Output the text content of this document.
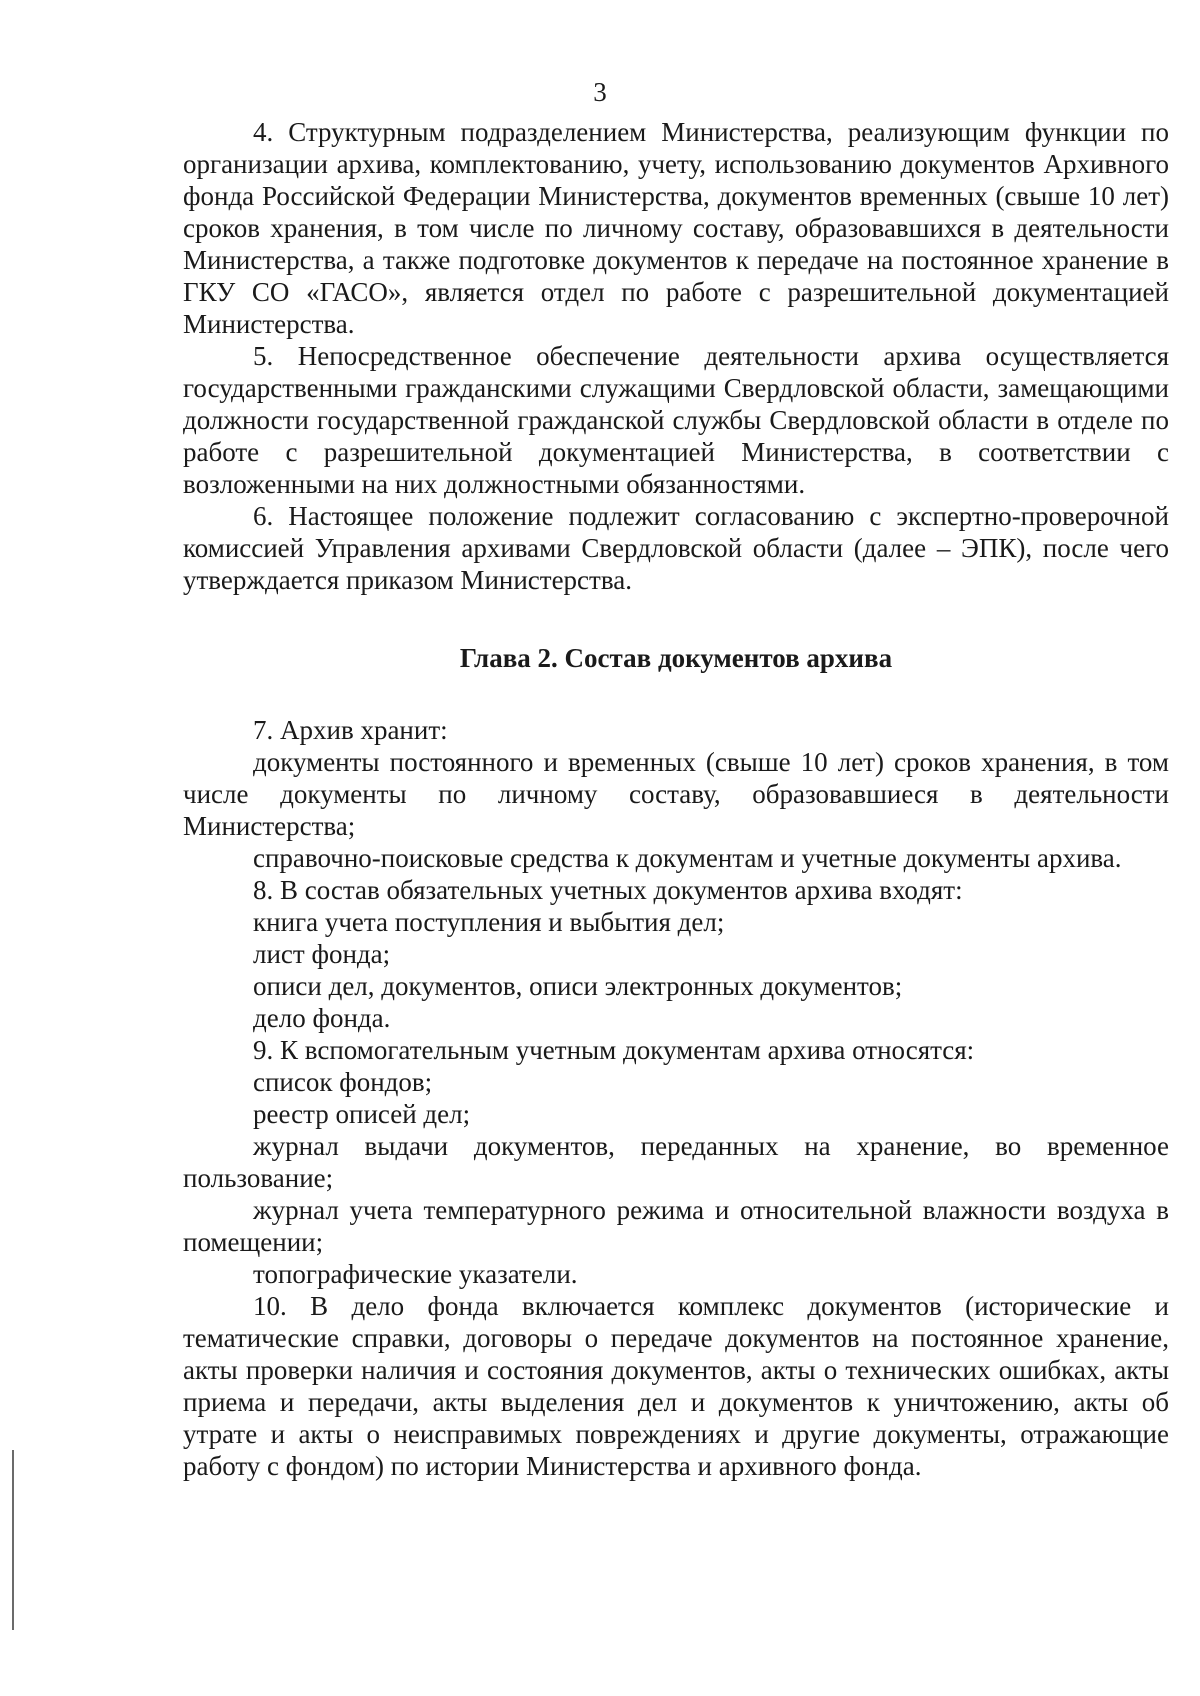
3

4. Структурным подразделением Министерства, реализующим функции по организации архива, комплектованию, учету, использованию документов Архивного фонда Российской Федерации Министерства, документов временных (свыше 10 лет) сроков хранения, в том числе по личному составу, образовавшихся в деятельности Министерства, а также подготовке документов к передаче на постоянное хранение в ГКУ СО «ГАСО», является отдел по работе с разрешительной документацией Министерства.

5. Непосредственное обеспечение деятельности архива осуществляется государственными гражданскими служащими Свердловской области, замещающими должности государственной гражданской службы Свердловской области в отделе по работе с разрешительной документацией Министерства, в соответствии с возложенными на них должностными обязанностями.

6. Настоящее положение подлежит согласованию с экспертно-проверочной комиссией Управления архивами Свердловской области (далее – ЭПК), после чего утверждается приказом Министерства.

Глава 2. Состав документов архива

7. Архив хранит:

документы постоянного и временных (свыше 10 лет) сроков хранения, в том числе документы по личному составу, образовавшиеся в деятельности Министерства;

справочно-поисковые средства к документам и учетные документы архива.

8. В состав обязательных учетных документов архива входят:

книга учета поступления и выбытия дел;

лист фонда;

описи дел, документов, описи электронных документов;

дело фонда.

9. К вспомогательным учетным документам архива относятся:

список фондов;

реестр описей дел;

журнал выдачи документов, переданных на хранение, во временное пользование;

журнал учета температурного режима и относительной влажности воздуха в помещении;

топографические указатели.

10. В дело фонда включается комплекс документов (исторические и тематические справки, договоры о передаче документов на постоянное хранение, акты проверки наличия и состояния документов, акты о технических ошибках, акты приема и передачи, акты выделения дел и документов к уничтожению, акты об утрате и акты о неисправимых повреждениях и другие документы, отражающие работу с фондом) по истории Министерства и архивного фонда.
